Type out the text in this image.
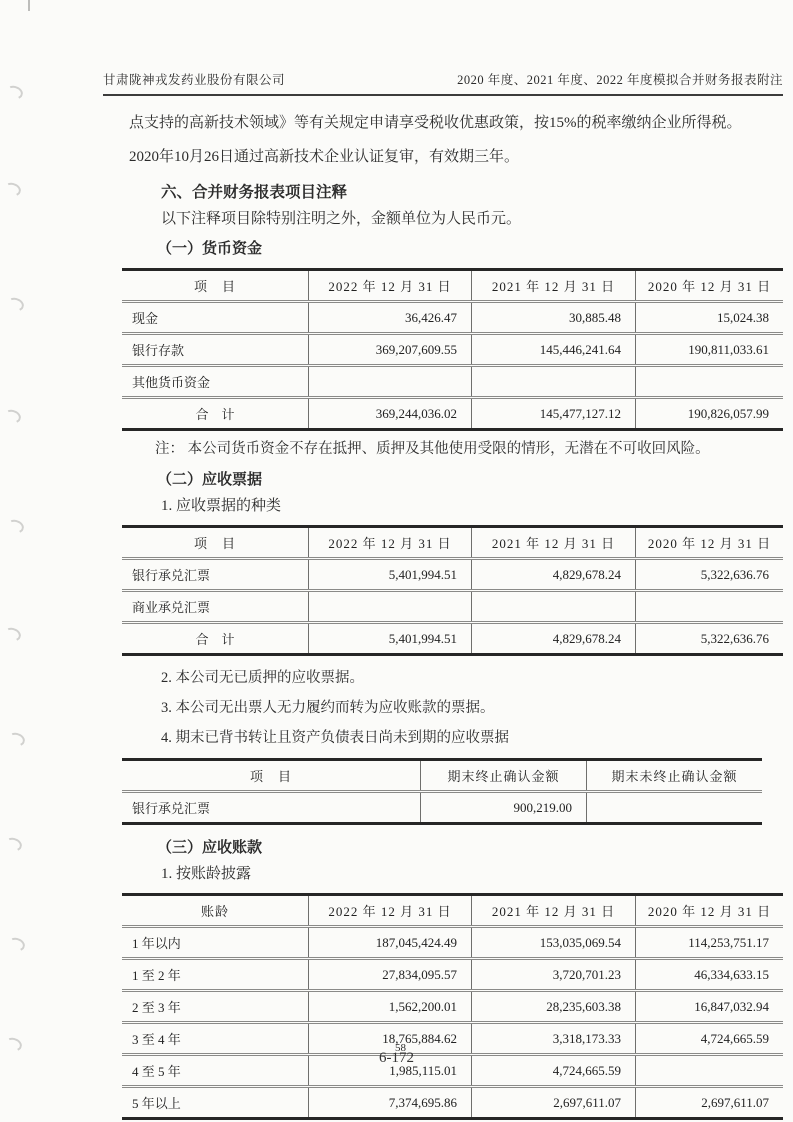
甘肃陇神戎发药业股份有限公司	2020 年度、2021 年度、2022 年度模拟合并财务报表附注

点支持的高新技术领域》等有关规定申请享受税收优惠政策，按15%的税率缴纳企业所得税。
2020年10月26日通过高新技术企业认证复审，有效期三年。

六、合并财务报表项目注释
以下注释项目除特别注明之外，金额单位为人民币元。
（一）货币资金
项　目	2022 年 12 月 31 日	2021 年 12 月 31 日	2020 年 12 月 31 日
现金	36,426.47	30,885.48	15,024.38
银行存款	369,207,609.55	145,446,241.64	190,811,033.61
其他货币资金			
合　计	369,244,036.02	145,477,127.12	190,826,057.99
注： 本公司货币资金不存在抵押、质押及其他使用受限的情形，无潜在不可收回风险。
（二）应收票据
1. 应收票据的种类
项　目	2022 年 12 月 31 日	2021 年 12 月 31 日	2020 年 12 月 31 日
银行承兑汇票	5,401,994.51	4,829,678.24	5,322,636.76
商业承兑汇票			
合　计	5,401,994.51	4,829,678.24	5,322,636.76
2. 本公司无已质押的应收票据。
3. 本公司无出票人无力履约而转为应收账款的票据。
4. 期末已背书转让且资产负债表日尚未到期的应收票据
项　目	期末终止确认金额	期末未终止确认金额
银行承兑汇票	900,219.00	
（三）应收账款
1. 按账龄披露
账龄	2022 年 12 月 31 日	2021 年 12 月 31 日	2020 年 12 月 31 日
1 年以内	187,045,424.49	153,035,069.54	114,253,751.17
1 至 2 年	27,834,095.57	3,720,701.23	46,334,633.15
2 至 3 年	1,562,200.01	28,235,603.38	16,847,032.94
3 至 4 年	18,765,884.62	3,318,173.33	4,724,665.59
4 至 5 年	1,985,115.01	4,724,665.59	
5 年以上	7,374,695.86	2,697,611.07	2,697,611.07
6-1
58
72
